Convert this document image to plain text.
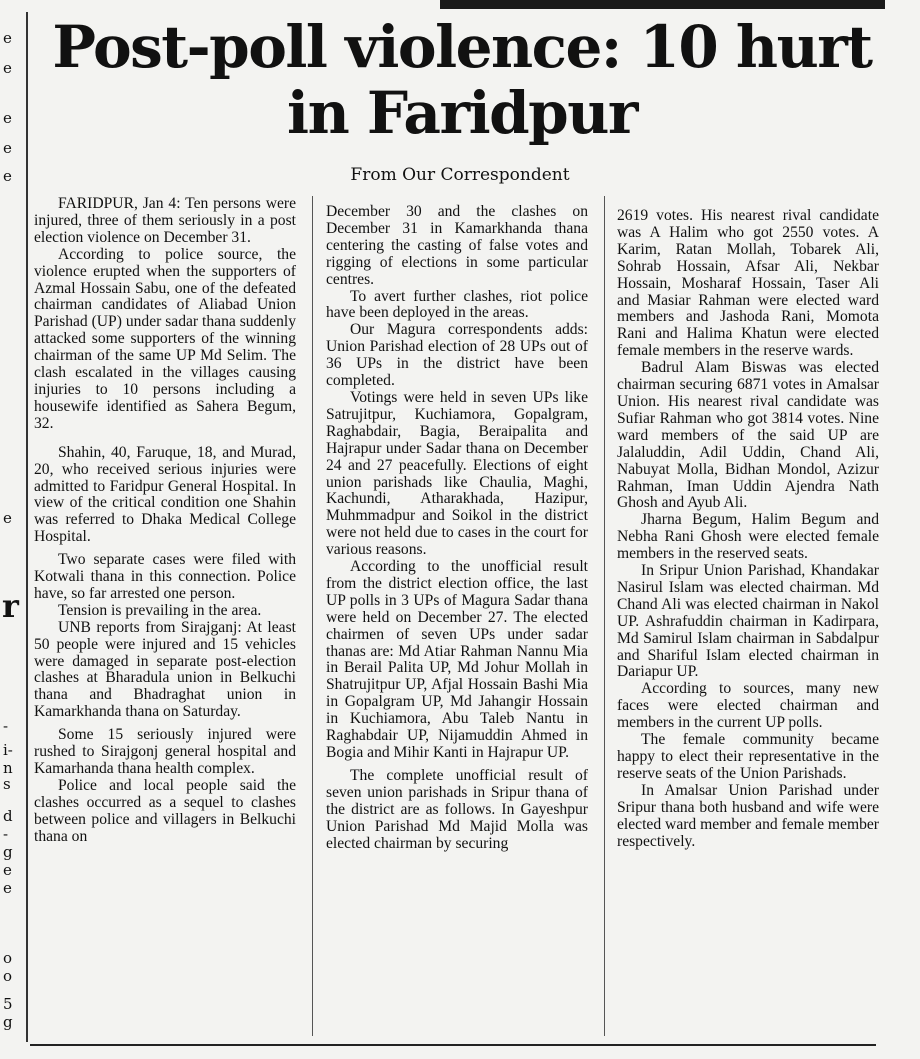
e
e
e
e
e
e
r
-
i-
n
s
d
-
g
e
e
o
o
5
g
Post-poll violence: 10 hurt
in Faridpur
From Our Correspondent

FARIDPUR, Jan 4: Ten persons were injured, three of them seriously in a post election violence on December 31.

According to police source, the violence erupted when the supporters of Azmal Hossain Sabu, one of the defeated chairman candidates of Aliabad Union Parishad (UP) under sadar thana suddenly attacked some supporters of the winning chairman of the same UP Md Selim. The clash escalated in the villages causing injuries to 10 persons including a housewife identified as Sahera Begum, 32.

Shahin, 40, Faruque, 18, and Murad, 20, who received serious injuries were admitted to Faridpur General Hospital. In view of the critical condition one Shahin was referred to Dhaka Medical College Hospital.

Two separate cases were filed with Kotwali thana in this connection. Police have, so far arrested one person.

Tension is prevailing in the area.

UNB reports from Sirajganj: At least 50 people were injured and 15 vehicles were damaged in separate post-election clashes at Bharadula union in Belkuchi thana and Bhadraghat union in Kamarkhanda thana on Saturday.

Some 15 seriously injured were rushed to Sirajgonj general hospital and Kamarhanda thana health complex.

Police and local people said the clashes occurred as a sequel to clashes between police and villagers in Belkuchi thana on

December 30 and the clashes on December 31 in Kamarkhanda thana centering the casting of false votes and rigging of elections in some particular centres.

To avert further clashes, riot police have been deployed in the areas.

Our Magura correspondents adds: Union Parishad election of 28 UPs out of 36 UPs in the district have been completed.

Votings were held in seven UPs like Satrujitpur, Kuchiamora, Gopalgram, Raghabdair, Bagia, Beraipalita and Hajrapur under Sadar thana on December 24 and 27 peacefully. Elections of eight union parishads like Chaulia, Maghi, Kachundi, Atharakhada, Hazipur, Muhmmadpur and Soikol in the district were not held due to cases in the court for various reasons.

According to the unofficial result from the district election office, the last UP polls in 3 UPs of Magura Sadar thana were held on December 27. The elected chairmen of seven UPs under sadar thanas are: Md Atiar Rahman Nannu Mia in Berail Palita UP, Md Johur Mollah in Shatrujitpur UP, Afjal Hossain Bashi Mia in Gopalgram UP, Md Jahangir Hossain in Kuchiamora, Abu Taleb Nantu in Raghabdair UP, Nijamuddin Ahmed in Bogia and Mihir Kanti in Hajrapur UP.

The complete unofficial result of seven union parishads in Sripur thana of the district are as follows. In Gayeshpur Union Parishad Md Majid Molla was elected chairman by securing

2619 votes. His nearest rival candidate was A Halim who got 2550 votes. A Karim, Ratan Mollah, Tobarek Ali, Sohrab Hossain, Afsar Ali, Nekbar Hossain, Mosharaf Hossain, Taser Ali and Masiar Rahman were elected ward members and Jashoda Rani, Momota Rani and Halima Khatun were elected female members in the reserve wards.

Badrul Alam Biswas was elected chairman securing 6871 votes in Amalsar Union. His nearest rival candidate was Sufiar Rahman who got 3814 votes. Nine ward members of the said UP are Jalaluddin, Adil Uddin, Chand Ali, Nabuyat Molla, Bidhan Mondol, Azizur Rahman, Iman Uddin Ajendra Nath Ghosh and Ayub Ali.

Jharna Begum, Halim Begum and Nebha Rani Ghosh were elected female members in the reserved seats.

In Sripur Union Parishad, Khandakar Nasirul Islam was elected chairman. Md Chand Ali was elected chairman in Nakol UP. Ashrafuddin chairman in Kadirpara, Md Samirul Islam chairman in Sabdalpur and Shariful Islam elected chairman in Dariapur UP.

According to sources, many new faces were elected chairman and members in the current UP polls.

The female community became happy to elect their representative in the reserve seats of the Union Parishads.

In Amalsar Union Parishad under Sripur thana both husband and wife were elected ward member and female member respectively.
